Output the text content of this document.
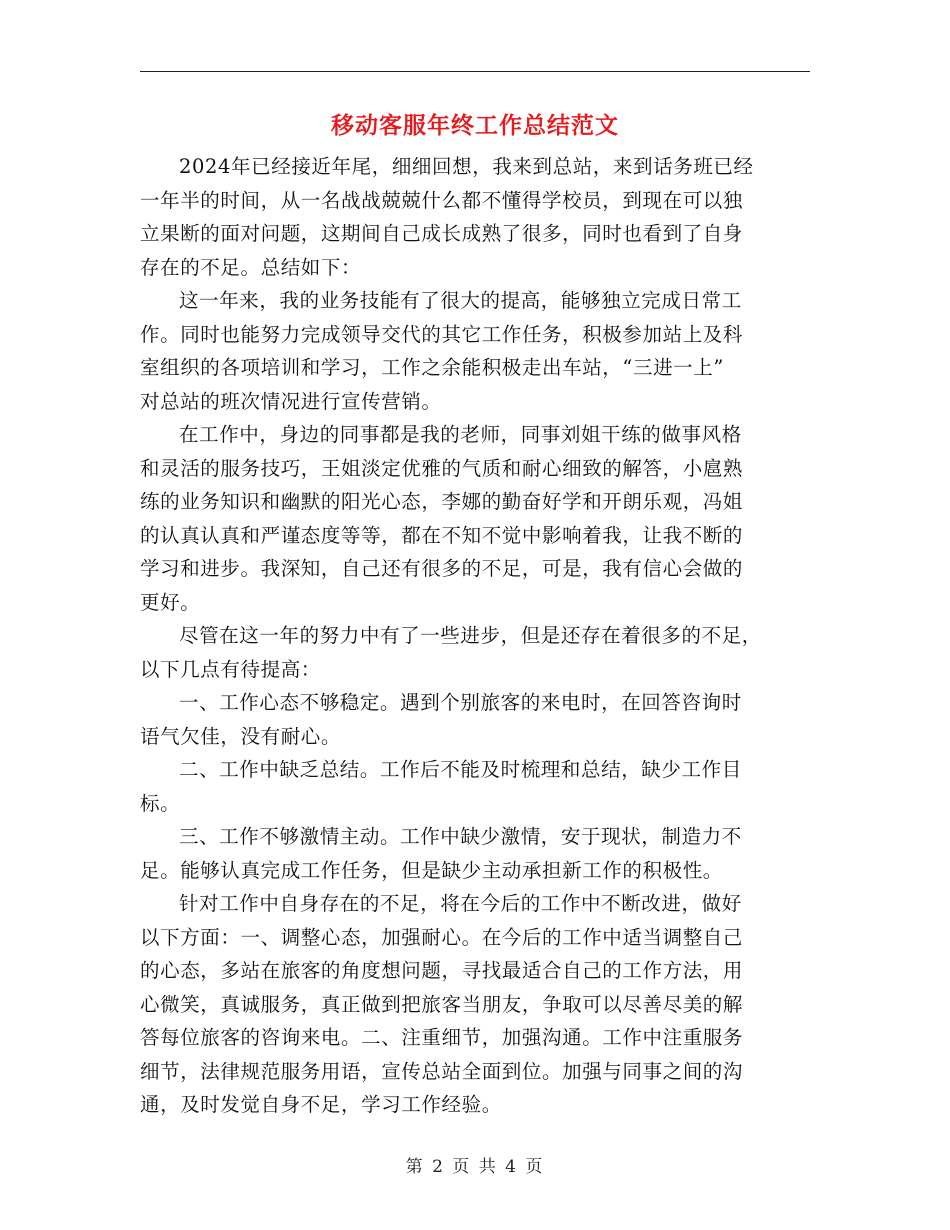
移动客服年终工作总结范文

2024年已经接近年尾，细细回想，我来到总站，来到话务班已经
一年半的时间，从一名战战兢兢什么都不懂得学校员，到现在可以独
立果断的面对问题，这期间自己成长成熟了很多，同时也看到了自身
存在的不足。总结如下：

这一年来，我的业务技能有了很大的提高，能够独立完成日常工
作。同时也能努力完成领导交代的其它工作任务，积极参加站上及科
室组织的各项培训和学习，工作之余能积极走出车站，“三进一上”
对总站的班次情况进行宣传营销。

在工作中，身边的同事都是我的老师，同事刘姐干练的做事风格
和灵活的服务技巧，王姐淡定优雅的气质和耐心细致的解答，小扈熟
练的业务知识和幽默的阳光心态，李娜的勤奋好学和开朗乐观，冯姐
的认真认真和严谨态度等等，都在不知不觉中影响着我，让我不断的
学习和进步。我深知，自己还有很多的不足，可是，我有信心会做的
更好。

尽管在这一年的努力中有了一些进步，但是还存在着很多的不足，
以下几点有待提高：

一、工作心态不够稳定。遇到个别旅客的来电时，在回答咨询时
语气欠佳，没有耐心。

二、工作中缺乏总结。工作后不能及时梳理和总结，缺少工作目
标。

三、工作不够激情主动。工作中缺少激情，安于现状，制造力不
足。能够认真完成工作任务，但是缺少主动承担新工作的积极性。

针对工作中自身存在的不足，将在今后的工作中不断改进，做好
以下方面：一、调整心态，加强耐心。在今后的工作中适当调整自己
的心态，多站在旅客的角度想问题，寻找最适合自己的工作方法，用
心微笑，真诚服务，真正做到把旅客当朋友，争取可以尽善尽美的解
答每位旅客的咨询来电。二、注重细节，加强沟通。工作中注重服务
细节，法律规范服务用语，宣传总站全面到位。加强与同事之间的沟
通，及时发觉自身不足，学习工作经验。

第 2 页 共 4 页
